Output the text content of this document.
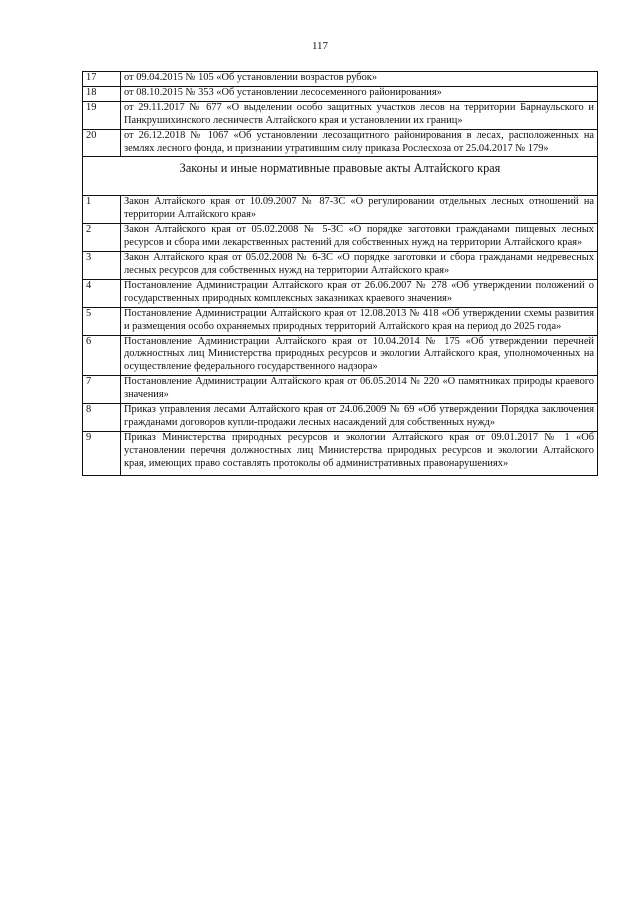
117
17	от 09.04.2015 № 105 «Об установлении возрастов рубок»
18	от 08.10.2015 № 353 «Об установлении лесосеменного районирования»
19	от 29.11.2017 № 677 «О выделении особо защитных участков лесов на территории Барнаульского и Панкрушихинского лесничеств Алтайского края и установлении их границ»
20	от 26.12.2018 № 1067 «Об установлении лесозащитного районирования в лесах, расположенных на землях лесного фонда, и признании утратившим силу приказа Рослесхоза от 25.04.2017 № 179»
Законы и иные нормативные правовые акты Алтайского края	
1	Закон Алтайского края от 10.09.2007 № 87-ЗС «О регулировании отдельных лесных отношений на территории Алтайского края»
2	Закон Алтайского края от 05.02.2008 № 5-ЗС «О порядке заготовки гражданами пищевых лесных ресурсов и сбора ими лекарственных растений для собственных нужд на территории Алтайского края»
3	Закон Алтайского края от 05.02.2008 № 6-ЗС «О порядке заготовки и сбора гражданами недревесных лесных ресурсов для собственных нужд на территории Алтайского края»
4	Постановление Администрации Алтайского края от 26.06.2007 № 278 «Об утверждении положений о государственных природных комплексных заказниках краевого значения»
5	Постановление Администрации Алтайского края от 12.08.2013 № 418 «Об утверждении схемы развития и размещения особо охраняемых природных территорий Алтайского края на период до 2025 года»
6	Постановление Администрации Алтайского края от 10.04.2014 № 175 «Об утверждении перечней должностных лиц Министерства природных ресурсов и экологии Алтайского края, уполномоченных на осуществление федерального государственного надзора»
7	Постановление Администрации Алтайского края от 06.05.2014 № 220 «О памятниках природы краевого значения»
8	Приказ управления лесами Алтайского края от 24.06.2009 № 69 «Об утверждении Порядка заключения гражданами договоров купли-продажи лесных насаждений для собственных нужд»
9	Приказ Министерства природных ресурсов и экологии Алтайского края от 09.01.2017 № 1 «Об установлении перечня должностных лиц Министерства природных ресурсов и экологии Алтайского края, имеющих право составлять протоколы об административных правонарушениях»
